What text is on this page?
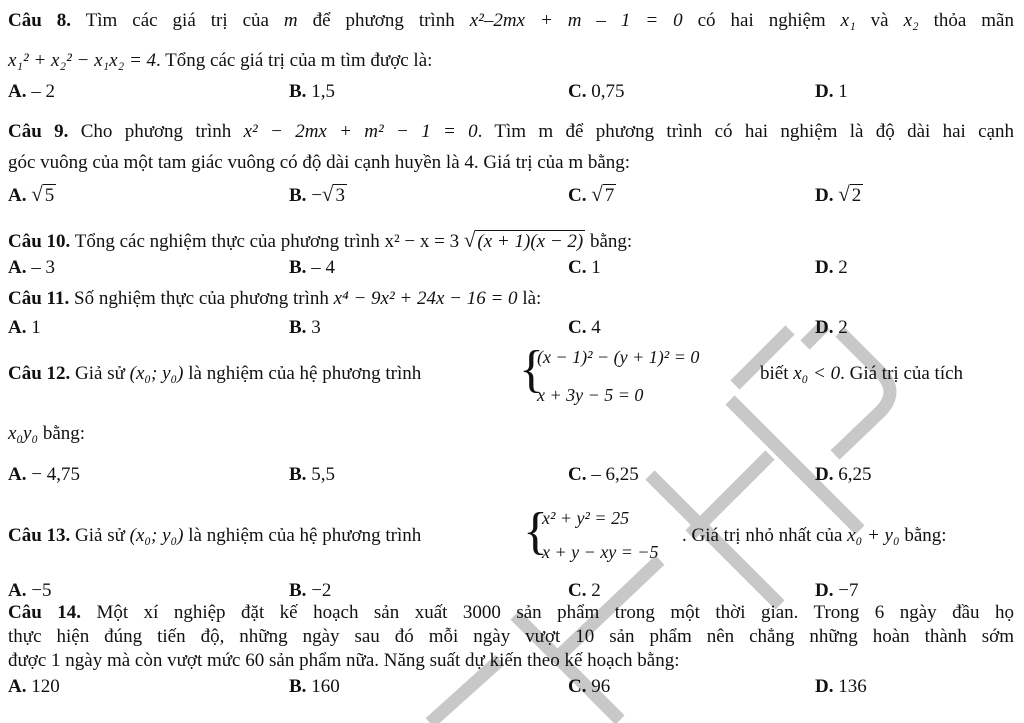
Câu 8. Tìm các giá trị của m để phương trình x²–2mx + m – 1 = 0 có hai nghiệm x₁ và x₂ thỏa mãn
x₁² + x₂² − x₁x₂ = 4. Tổng các giá trị của m tìm được là:
A. – 2	B. 1,5	C. 0,75	D. 1
Câu 9. Cho phương trình x² − 2mx + m² − 1 = 0. Tìm m để phương trình có hai nghiệm là độ dài hai cạnh
góc vuông của một tam giác vuông có độ dài cạnh huyền là 4. Giá trị của m bằng:
A. √ 5	B. −√ 3	C. √ 7	D. √ 2
Câu 10. Tổng các nghiệm thực của phương trình x² − x = 3 √ (x + 1)(x − 2) bằng:
A. – 3	B. – 4	C. 1	D. 2
Câu 11. Số nghiệm thực của phương trình x⁴ − 9x² + 24x − 16 = 0 là:
A. 1	B. 3	C. 4	D. 2
Câu 12. Giả sử (x₀; y₀) là nghiệm của hệ phương trình {
(x − 1)² − (y + 1)² = 0
x + 3y − 5 = 0
biết x₀ < 0. Giá trị của tích
x₀y₀ bằng:
A. − 4,75	B. 5,5	C. – 6,25	D. 6,25
Câu 13. Giả sử (x₀; y₀) là nghiệm của hệ phương trình {
x² + y² = 25
x + y − xy = −5
. Giá trị nhỏ nhất của x₀ + y₀ bằng:
A. −5	B. −2	C. 2	D. −7
Câu 14. Một xí nghiệp đặt kế hoạch sản xuất 3000 sản phẩm trong một thời gian. Trong 6 ngày đầu họ
thực hiện đúng tiến độ, những ngày sau đó mỗi ngày vượt 10 sản phẩm nên chẳng những hoàn thành sớm
được 1 ngày mà còn vượt mức 60 sản phẩm nữa. Năng suất dự kiến theo kế hoạch bằng:
A. 120	B. 160	C. 96	D. 136
